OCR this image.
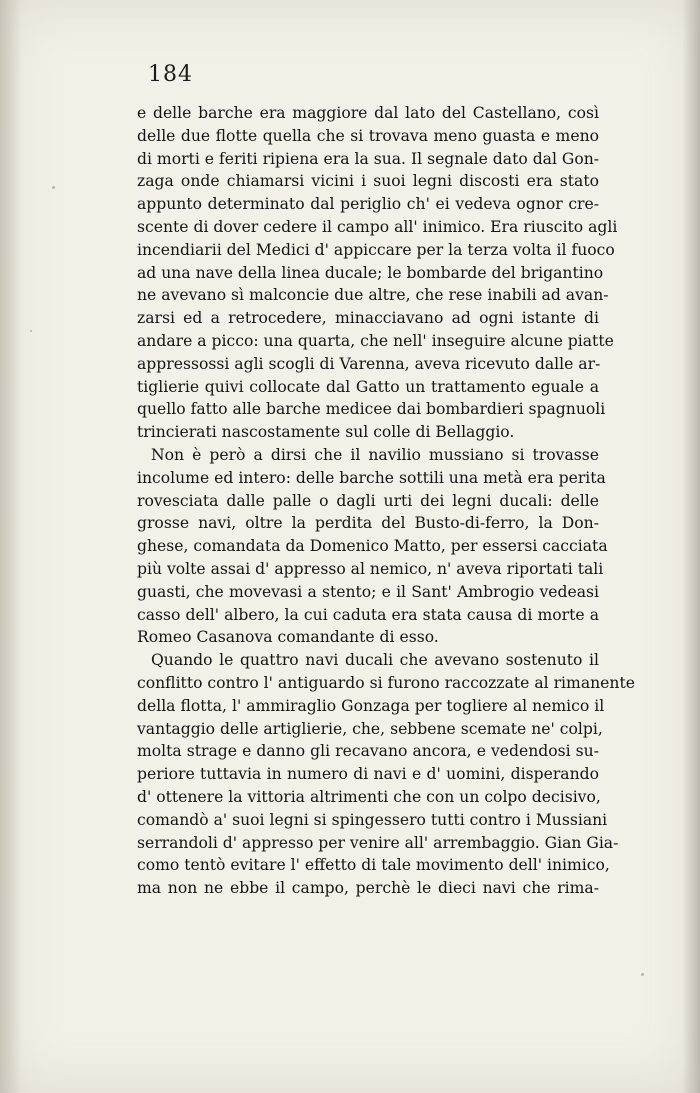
184
e delle barche era maggiore dal lato del Castellano, così
delle due flotte quella che si trovava meno guasta e meno
di morti e feriti ripiena era la sua. Il segnale dato dal Gon-
zaga onde chiamarsi vicini i suoi legni discosti era stato
appunto determinato dal periglio ch' ei vedeva ognor cre-
scente di dover cedere il campo all' inimico. Era riuscito agli
incendiarii del Medici d' appiccare per la terza volta il fuoco
ad una nave della linea ducale; le bombarde del brigantino
ne avevano sì malconcie due altre, che rese inabili ad avan-
zarsi ed a retrocedere, minacciavano ad ogni istante di
andare a picco: una quarta, che nell' inseguire alcune piatte
appressossi agli scogli di Varenna, aveva ricevuto dalle ar-
tiglierie quivi collocate dal Gatto un trattamento eguale a
quello fatto alle barche medicee dai bombardieri spagnuoli
trincierati nascostamente sul colle di Bellaggio.
Non è però a dirsi che il navilio mussiano si trovasse
incolume ed intero: delle barche sottili una metà era perita
rovesciata dalle palle o dagli urti dei legni ducali: delle
grosse navi, oltre la perdita del Busto-di-ferro, la Don-
ghese, comandata da Domenico Matto, per essersi cacciata
più volte assai d' appresso al nemico, n' aveva riportati tali
guasti, che movevasi a stento; e il Sant' Ambrogio vedeasi
casso dell' albero, la cui caduta era stata causa di morte a
Romeo Casanova comandante di esso.
Quando le quattro navi ducali che avevano sostenuto il
conflitto contro l' antiguardo si furono raccozzate al rimanente
della flotta, l' ammiraglio Gonzaga per togliere al nemico il
vantaggio delle artiglierie, che, sebbene scemate ne' colpi,
molta strage e danno gli recavano ancora, e vedendosi su-
periore tuttavia in numero di navi e d' uomini, disperando
d' ottenere la vittoria altrimenti che con un colpo decisivo,
comandò a' suoi legni si spingessero tutti contro i Mussiani
serrandoli d' appresso per venire all' arrembaggio. Gian Gia-
como tentò evitare l' effetto di tale movimento dell' inimico,
ma non ne ebbe il campo, perchè le dieci navi che rima-
